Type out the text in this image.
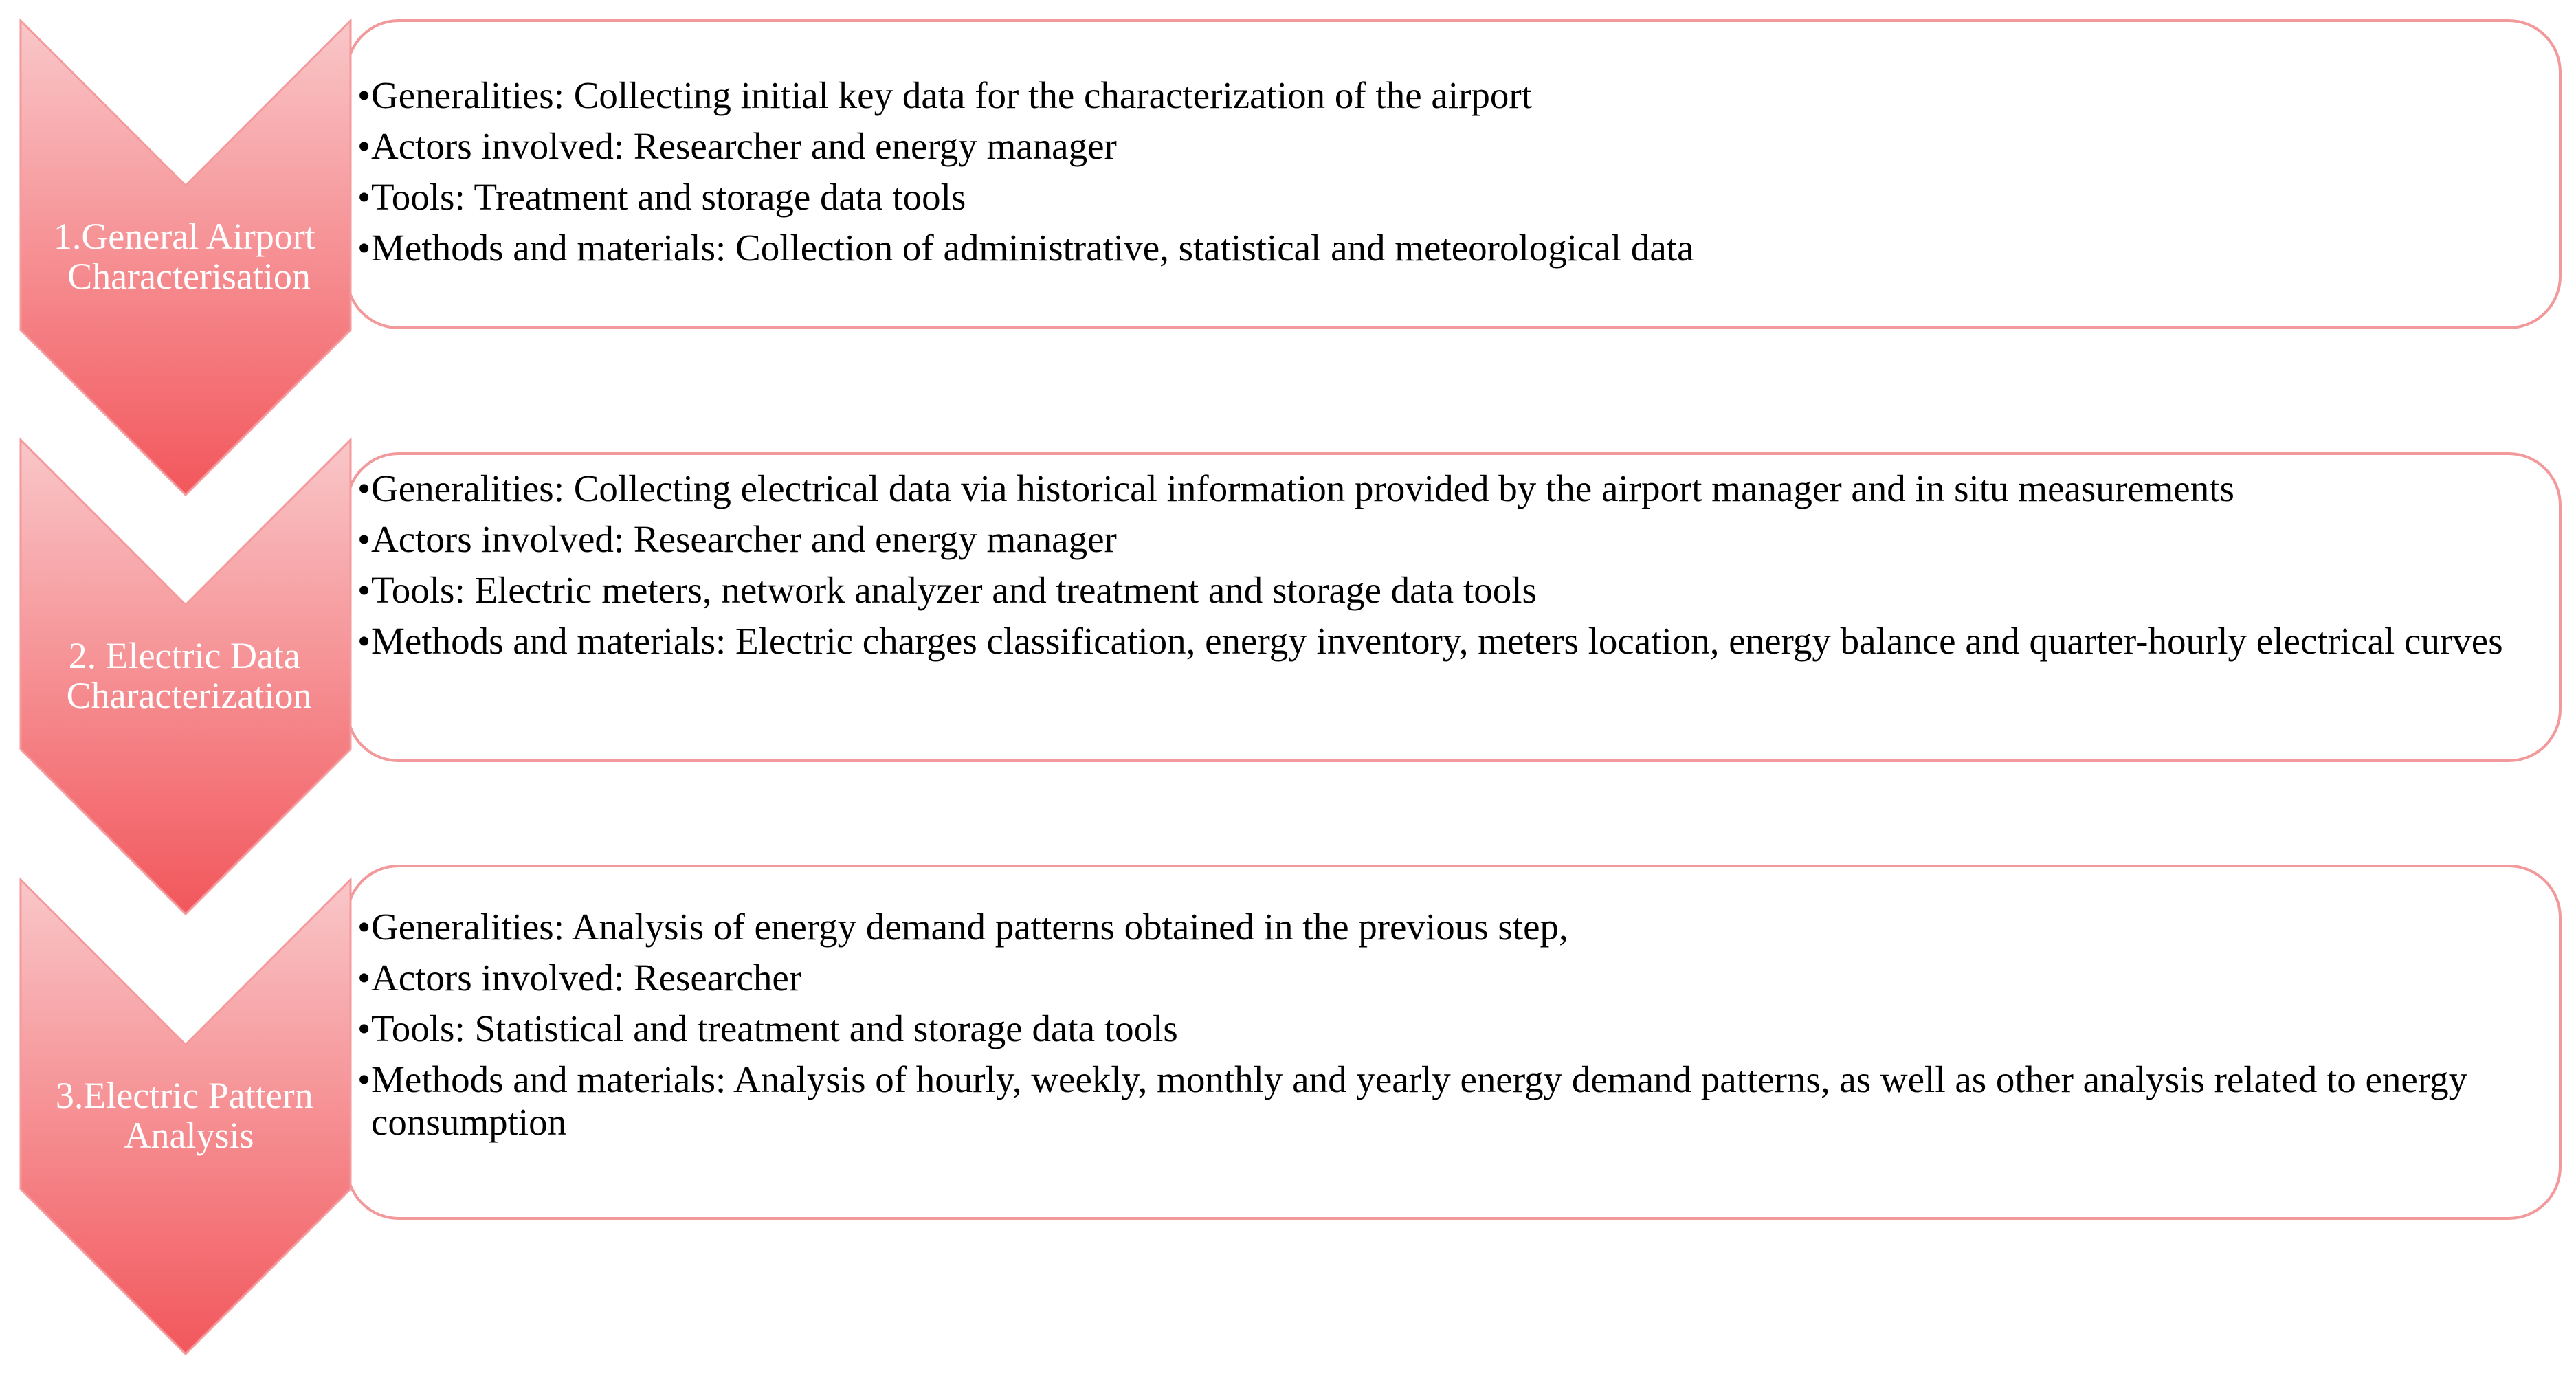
1.General Airport Characterisation
2. Electric Data Characterization
3.Electric Pattern Analysis
• Generalities: Collecting initial key data for the characterization of the airport
• Actors involved: Researcher and energy manager
• Tools: Treatment and storage data tools
• Methods and materials: Collection of administrative, statistical and meteorological data
• Generalities: Collecting electrical data via historical information provided by the airport manager and in situ measurements
• Actors involved: Researcher and energy manager
• Tools: Electric meters, network analyzer and treatment and storage data tools
• Methods and materials: Electric charges classification, energy inventory, meters location, energy balance and quarter-hourly electrical curves
• Generalities: Analysis of energy demand patterns obtained in the previous step,
• Actors involved: Researcher
• Tools: Statistical and treatment and storage data tools
• Methods and materials: Analysis of hourly, weekly, monthly and yearly energy demand patterns, as well as other analysis related to energy consumption
